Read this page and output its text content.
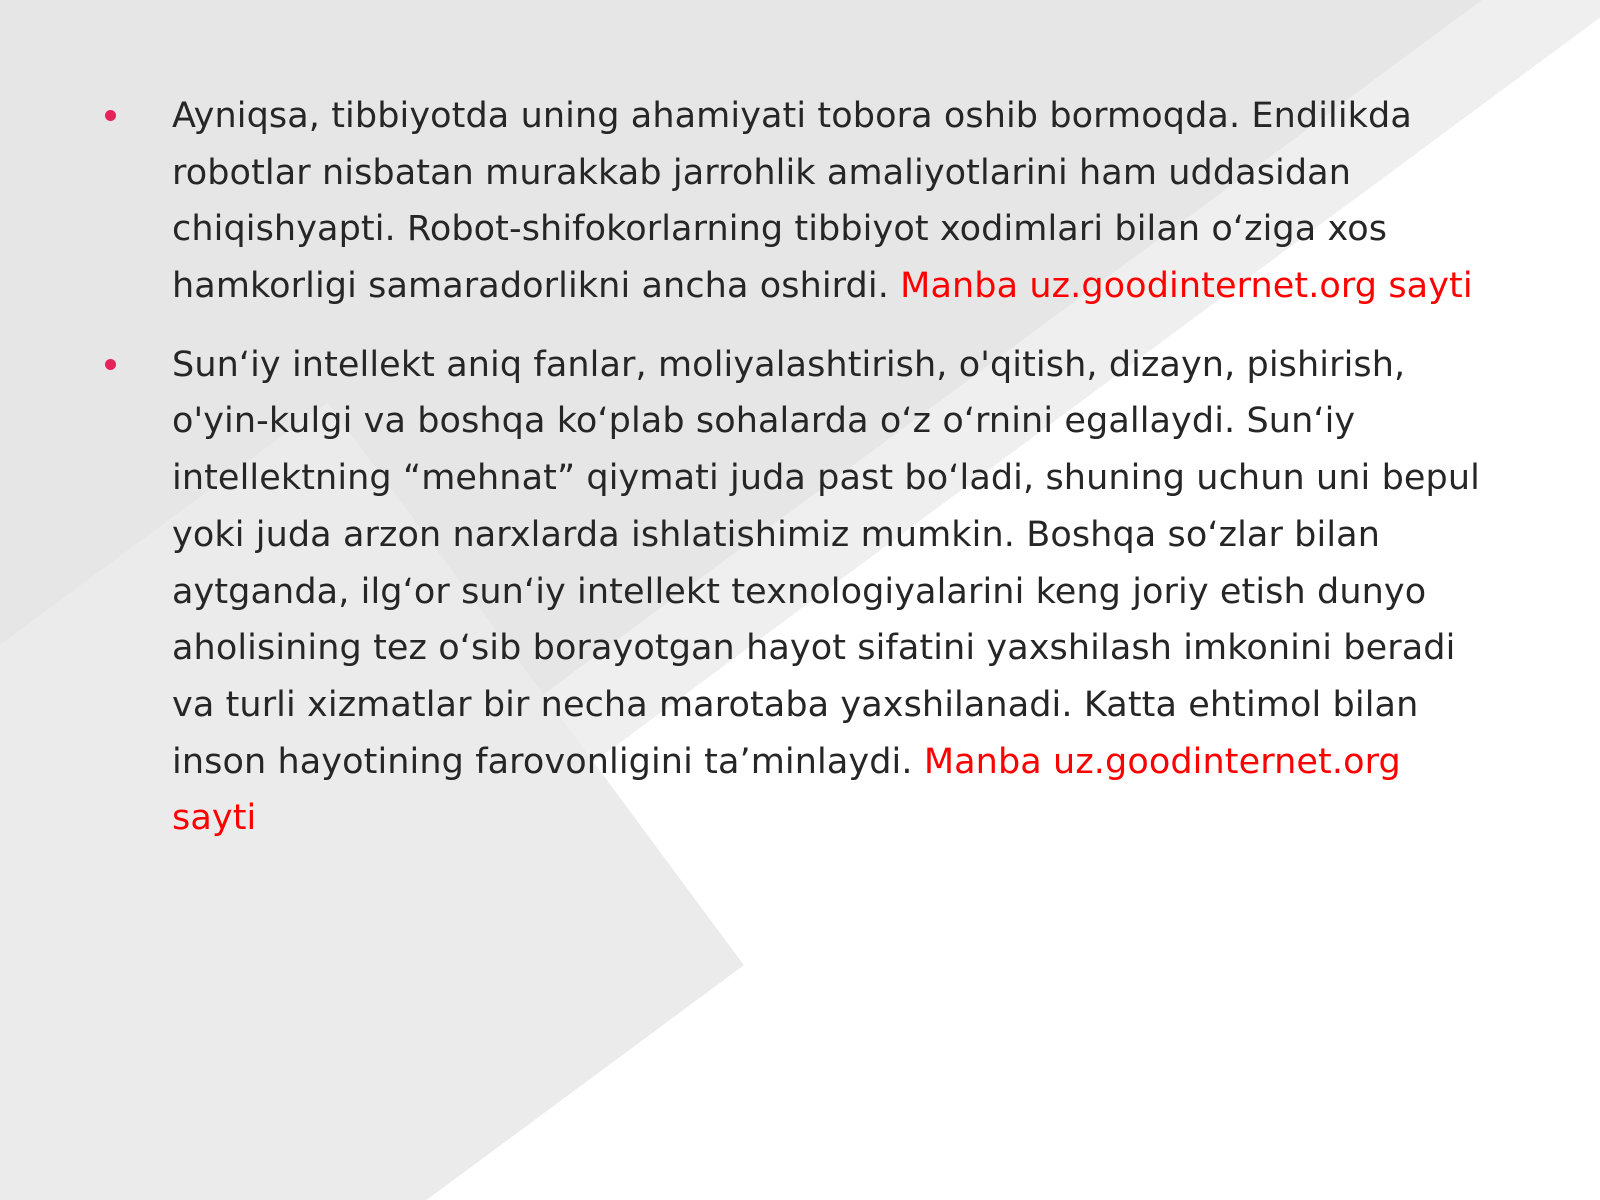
Ayniqsa, tibbiyotda uning ahamiyati tobora oshib bormoqda. Endilikda robotlar nisbatan murakkab jarrohlik amaliyotlarini ham uddasidan chiqishyapti. Robot-shifokorlarning tibbiyot xodimlari bilan o‘ziga xos hamkorligi samaradorlikni ancha oshirdi. Manba uz.goodinternet.org sayti
Sun‘iy intellekt aniq fanlar, moliyalashtirish, o'qitish, dizayn, pishirish, o'yin-kulgi va boshqa ko‘plab sohalarda o‘z o‘rnini egallaydi. Sun‘iy intellektning “mehnat” qiymati juda past bo‘ladi, shuning uchun uni bepul yoki juda arzon narxlarda ishlatishimiz mumkin. Boshqa so‘zlar bilan aytganda, ilg‘or sun‘iy intellekt texnologiyalarini keng joriy etish dunyo aholisining tez o‘sib borayotgan hayot sifatini yaxshilash imkonini beradi va turli xizmatlar bir necha marotaba yaxshilanadi. Katta ehtimol bilan inson hayotining farovonligini ta’minlaydi. Manba uz.goodinternet.org sayti
